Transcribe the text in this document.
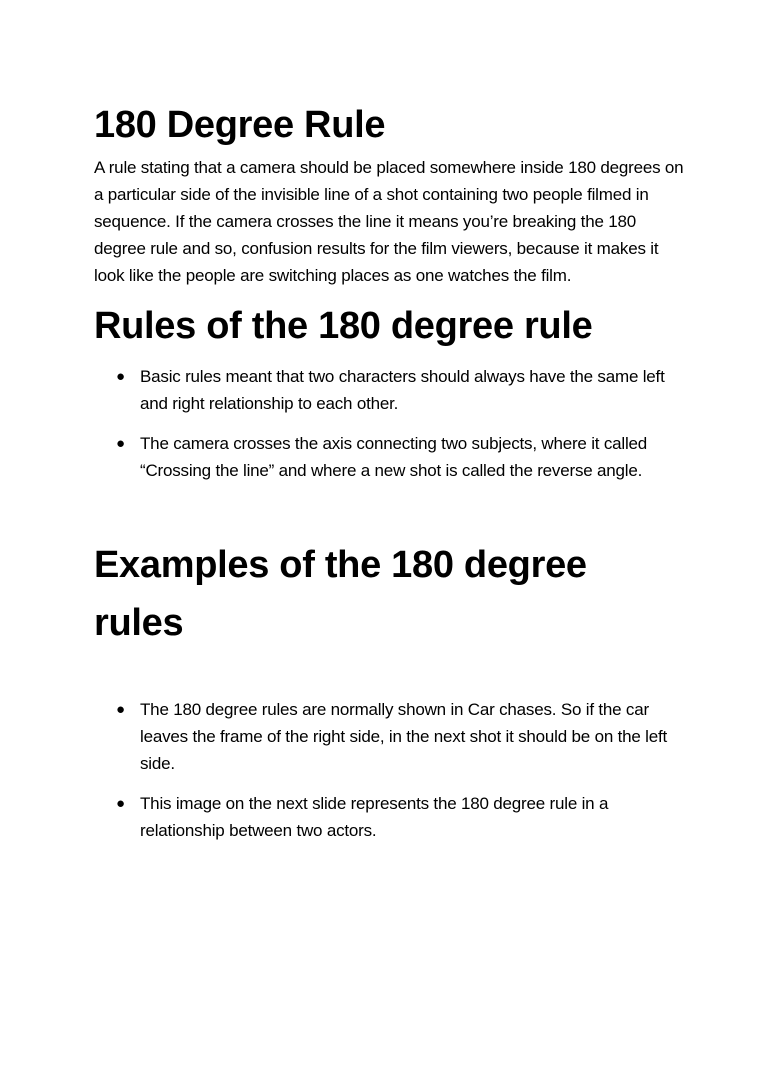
180 Degree Rule

A rule stating that a camera should be placed somewhere inside 180 degrees on a particular side of the invisible line of a shot containing two people filmed in sequence. If the camera crosses the line it means you’re breaking the 180 degree rule and so, confusion results for the film viewers, because it makes it look like the people are switching places as one watches the film.

Rules of the 180 degree rule
● Basic rules meant that two characters should always have the same left and right relationship to each other.
● The camera crosses the axis connecting two subjects, where it called “Crossing the line” and where a new shot is called the reverse angle.
Examples of the 180 degree rules
● The 180 degree rules are normally shown in Car chases. So if the car leaves the frame of the right side, in the next shot it should be on the left side.
● This image on the next slide represents the 180 degree rule in a relationship between two actors.
